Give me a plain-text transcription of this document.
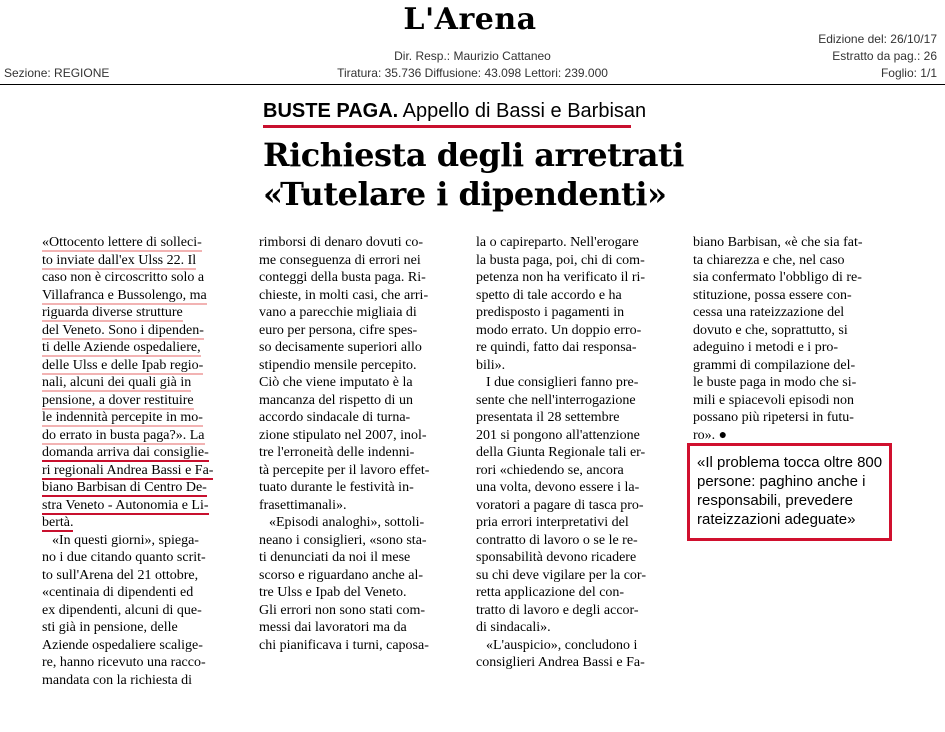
L'Arena
Dir. Resp.: Maurizio Cattaneo
Tiratura: 35.736 Diffusione: 43.098 Lettori: 239.000
Sezione: REGIONE
Edizione del: 26/10/17
Estratto da pag.: 26
Foglio: 1/1
BUSTE PAGA. Appello di Bassi e Barbisan
Richiesta degli arretrati
«Tutelare i dipendenti»

«Ottocento lettere di solleci-

to inviate dall'ex Ulss 22. Il

caso non è circoscritto solo a

Villafranca e Bussolengo, ma

riguarda diverse strutture

del Veneto. Sono i dipenden-

ti delle Aziende ospedaliere,

delle Ulss e delle Ipab regio-

nali, alcuni dei quali già in

pensione, a dover restituire

le indennità percepite in mo-

do errato in busta paga?». La

domanda arriva dai consiglie-

ri regionali Andrea Bassi e Fa-

biano Barbisan di Centro De-

stra Veneto - Autonomia e Li-

bertà.

«In questi giorni», spiega-

no i due citando quanto scrit-

to sull'Arena del 21 ottobre,

«centinaia di dipendenti ed

ex dipendenti, alcuni di que-

sti già in pensione, delle

Aziende ospedaliere scalige-

re, hanno ricevuto una racco-

mandata con la richiesta di

rimborsi di denaro dovuti co-

me conseguenza di errori nei

conteggi della busta paga. Ri-

chieste, in molti casi, che arri-

vano a parecchie migliaia di

euro per persona, cifre spes-

so decisamente superiori allo

stipendio mensile percepito.

Ciò che viene imputato è la

mancanza del rispetto di un

accordo sindacale di turna-

zione stipulato nel 2007, inol-

tre l'erroneità delle indenni-

tà percepite per il lavoro effet-

tuato durante le festività in-

frasettimanali».

«Episodi analoghi», sottoli-

neano i consiglieri, «sono sta-

ti denunciati da noi il mese

scorso e riguardano anche al-

tre Ulss e Ipab del Veneto.

Gli errori non sono stati com-

messi dai lavoratori ma da

chi pianificava i turni, caposa-

la o capireparto. Nell'erogare

la busta paga, poi, chi di com-

petenza non ha verificato il ri-

spetto di tale accordo e ha

predisposto i pagamenti in

modo errato. Un doppio erro-

re quindi, fatto dai responsa-

bili».

I due consiglieri fanno pre-

sente che nell'interrogazione

presentata il 28 settembre

201 si pongono all'attenzione

della Giunta Regionale tali er-

rori «chiedendo se, ancora

una volta, devono essere i la-

voratori a pagare di tasca pro-

pria errori interpretativi del

contratto di lavoro o se le re-

sponsabilità devono ricadere

su chi deve vigilare per la cor-

retta applicazione del con-

tratto di lavoro e degli accor-

di sindacali».

«L'auspicio», concludono i

consiglieri Andrea Bassi e Fa-

biano Barbisan, «è che sia fat-

ta chiarezza e che, nel caso

sia confermato l'obbligo di re-

stituzione, possa essere con-

cessa una rateizzazione del

dovuto e che, soprattutto, si

adeguino i metodi e i pro-

grammi di compilazione del-

le buste paga in modo che si-

mili e spiacevoli episodi non

possano più ripetersi in futu-

ro». ●

«Il problema tocca oltre 800 persone: paghino anche i responsabili, prevedere rateizzazioni adeguate»
